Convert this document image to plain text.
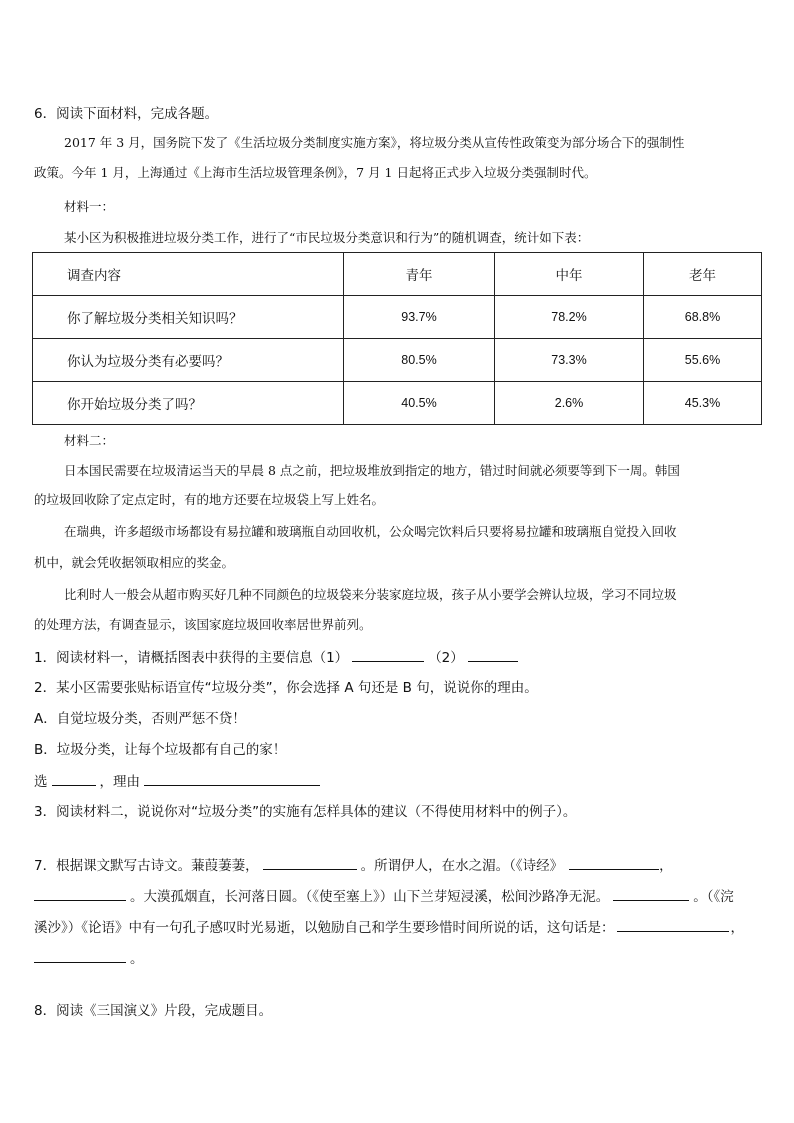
6．阅读下面材料，完成各题。
2017 年 3 月，国务院下发了《生活垃圾分类制度实施方案》，将垃圾分类从宣传性政策变为部分场合下的强制性
政策。今年 1 月，上海通过《上海市生活垃圾管理条例》，7 月 1 日起将正式步入垃圾分类强制时代。
材料一：
某小区为积极推进垃圾分类工作，进行了“市民垃圾分类意识和行为”的随机调查，统计如下表：
调查内容	青年	中年	老年
你了解垃圾分类相关知识吗？	93.7%	78.2%	68.8%
你认为垃圾分类有必要吗？	80.5%	73.3%	55.6%
你开始垃圾分类了吗？	40.5%	2.6%	45.3%
材料二：
日本国民需要在垃圾清运当天的早晨 8 点之前，把垃圾堆放到指定的地方，错过时间就必须要等到下一周。韩国
的垃圾回收除了定点定时，有的地方还要在垃圾袋上写上姓名。
在瑞典，许多超级市场都设有易拉罐和玻璃瓶自动回收机，公众喝完饮料后只要将易拉罐和玻璃瓶自觉投入回收
机中，就会凭收据领取相应的奖金。
比利时人一般会从超市购买好几种不同颜色的垃圾袋来分装家庭垃圾，孩子从小要学会辨认垃圾，学习不同垃圾
的处理方法，有调查显示，该国家庭垃圾回收率居世界前列。
1．阅读材料一，请概括图表中获得的主要信息（1）	（2）
2．某小区需要张贴标语宣传“垃圾分类”，你会选择 A 句还是 B 句，说说你的理由。
A．自觉垃圾分类，否则严惩不贷！
B．垃圾分类，让每个垃圾都有自己的家！
选	，理由
3．阅读材料二，说说你对“垃圾分类”的实施有怎样具体的建议（不得使用材料中的例子）。
7．根据课文默写古诗文。蒹葭萋萋，	。所谓伊人，在水之湄。（《诗经》	，
。大漠孤烟直，长河落日圆。（《使至塞上》）山下兰芽短浸溪，松间沙路净无泥。	。（《浣
溪沙》）《论语》中有一句孔子感叹时光易逝，以勉励自己和学生要珍惜时间所说的话，这句话是：	，
。
8．阅读《三国演义》片段，完成题目。
